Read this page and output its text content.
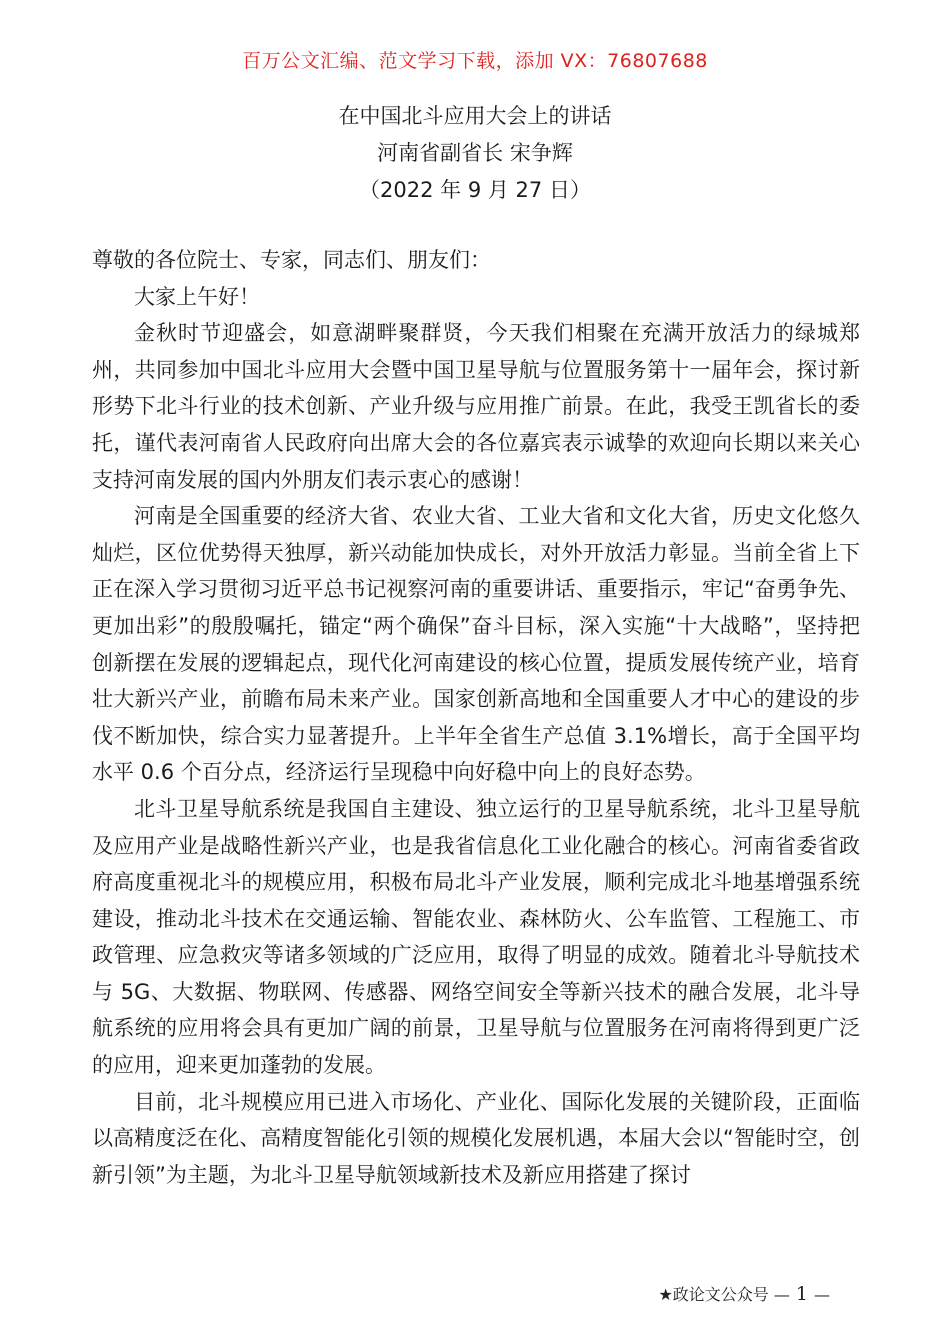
百万公文汇编、范文学习下载，添加 VX：76807688
在中国北斗应用大会上的讲话
河南省副省长 宋争辉
（2022 年 9 月 27 日）

尊敬的各位院士、专家，同志们、朋友们：

大家上午好！

金秋时节迎盛会，如意湖畔聚群贤，今天我们相聚在充满开放活力的绿城郑州，共同参加中国北斗应用大会暨中国卫星导航与位置服务第十一届年会，探讨新形势下北斗行业的技术创新、产业升级与应用推广前景。在此，我受王凯省长的委托，谨代表河南省人民政府向出席大会的各位嘉宾表示诚挚的欢迎向长期以来关心支持河南发展的国内外朋友们表示衷心的感谢！

河南是全国重要的经济大省、农业大省、工业大省和文化大省，历史文化悠久灿烂，区位优势得天独厚，新兴动能加快成长，对外开放活力彰显。当前全省上下正在深入学习贯彻习近平总书记视察河南的重要讲话、重要指示，牢记“奋勇争先、更加出彩”的殷殷嘱托，锚定“两个确保”奋斗目标，深入实施“十大战略”，坚持把创新摆在发展的逻辑起点，现代化河南建设的核心位置，提质发展传统产业，培育壮大新兴产业，前瞻布局未来产业。国家创新高地和全国重要人才中心的建设的步伐不断加快，综合实力显著提升。上半年全省生产总值 3.1%增长，高于全国平均水平 0.6 个百分点，经济运行呈现稳中向好稳中向上的良好态势。

北斗卫星导航系统是我国自主建设、独立运行的卫星导航系统，北斗卫星导航及应用产业是战略性新兴产业，也是我省信息化工业化融合的核心。河南省委省政府高度重视北斗的规模应用，积极布局北斗产业发展，顺利完成北斗地基增强系统建设，推动北斗技术在交通运输、智能农业、森林防火、公车监管、工程施工、市政管理、应急救灾等诸多领域的广泛应用，取得了明显的成效。随着北斗导航技术与 5G、大数据、物联网、传感器、网络空间安全等新兴技术的融合发展，北斗导航系统的应用将会具有更加广阔的前景，卫星导航与位置服务在河南将得到更广泛的应用，迎来更加蓬勃的发展。

目前，北斗规模应用已进入市场化、产业化、国际化发展的关键阶段，正面临以高精度泛在化、高精度智能化引领的规模化发展机遇，本届大会以“智能时空，创新引领”为主题，为北斗卫星导航领域新技术及新应用搭建了探讨

★政论文公众号 — 1 —
